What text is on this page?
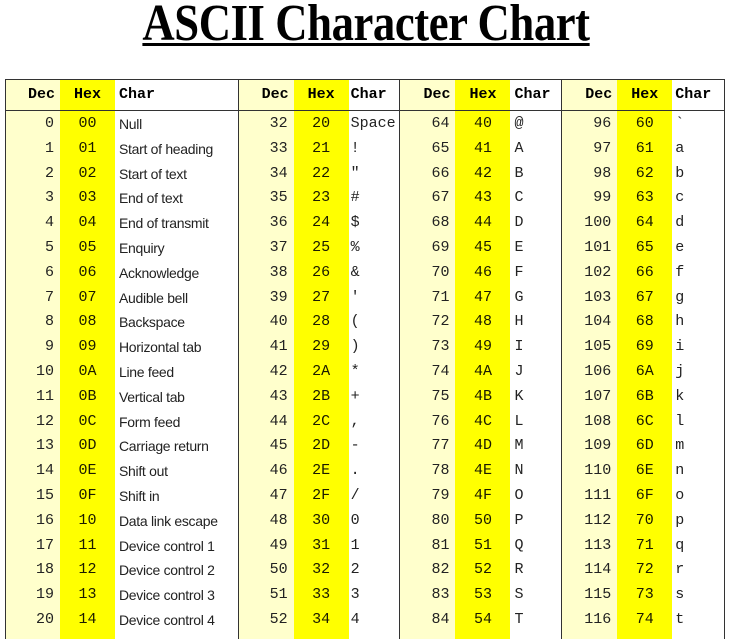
ASCII Character Chart
Dec	Hex	Char
0	00	Null
1	01	Start of heading
2	02	Start of text
3	03	End of text
4	04	End of transmit
5	05	Enquiry
6	06	Acknowledge
7	07	Audible bell
8	08	Backspace
9	09	Horizontal tab
10	0A	Line feed
11	0B	Vertical tab
12	0C	Form feed
13	0D	Carriage return
14	0E	Shift out
15	0F	Shift in
16	10	Data link escape
17	11	Device control 1
18	12	Device control 2
19	13	Device control 3
20	14	Device control 4
Dec	Hex	Char
32	20	Space
33	21	!
34	22	"
35	23	#
36	24	$
37	25	%
38	26	&
39	27	'
40	28	(
41	29	)
42	2A	*
43	2B	+
44	2C	,
45	2D	-
46	2E	.
47	2F	/
48	30	0
49	31	1
50	32	2
51	33	3
52	34	4
Dec	Hex	Char
64	40	@
65	41	A
66	42	B
67	43	C
68	44	D
69	45	E
70	46	F
71	47	G
72	48	H
73	49	I
74	4A	J
75	4B	K
76	4C	L
77	4D	M
78	4E	N
79	4F	O
80	50	P
81	51	Q
82	52	R
83	53	S
84	54	T
Dec	Hex	Char
96	60	`
97	61	a
98	62	b
99	63	c
100	64	d
101	65	e
102	66	f
103	67	g
104	68	h
105	69	i
106	6A	j
107	6B	k
108	6C	l
109	6D	m
110	6E	n
111	6F	o
112	70	p
113	71	q
114	72	r
115	73	s
116	74	t
